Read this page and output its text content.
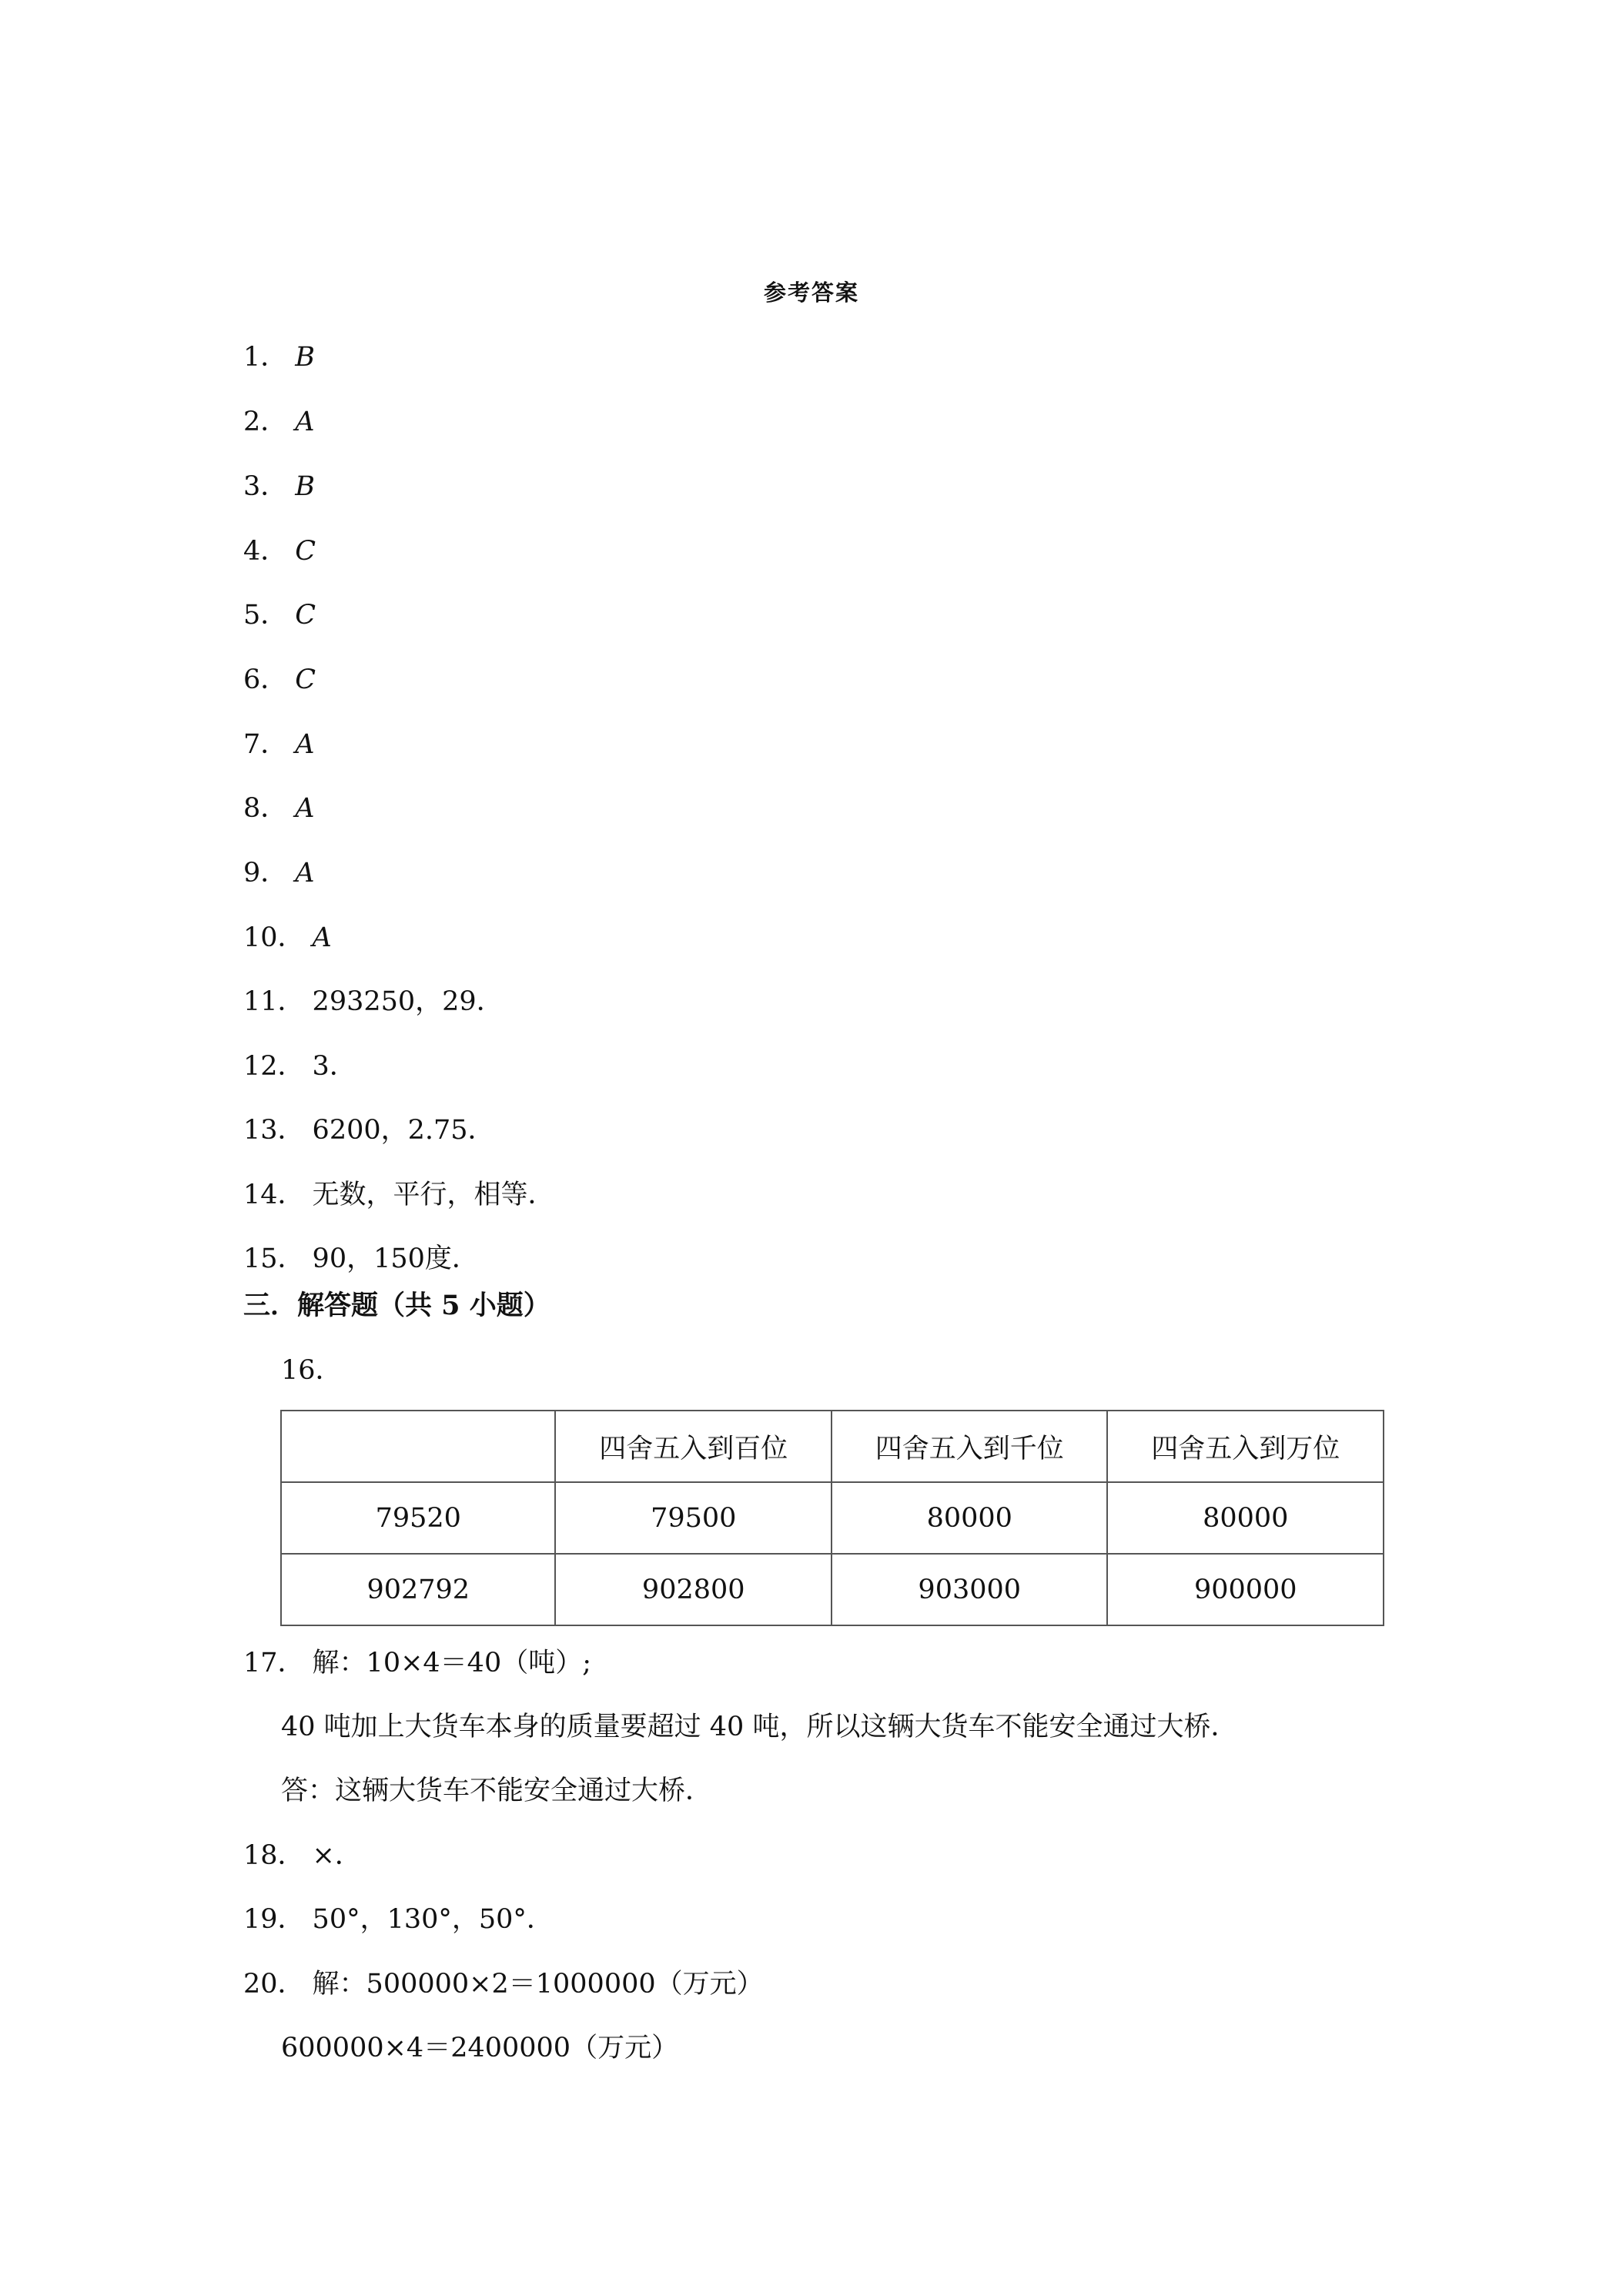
参考答案
1． B
2． A
3． B
4． C
5． C
6． C
7． A
8． A
9． A
10． A
11． 293250，29．
12． 3．
13． 6200，2.75．
14． 无数，平行，相等．
15． 90，150度．
三．解答题（共 5 小题）
16．
	四舍五入到百位	四舍五入到千位	四舍五入到万位
79520	79500	80000	80000
902792	902800	903000	900000
17． 解：10×4＝40（吨）;
40 吨加上大货车本身的质量要超过 40 吨，所以这辆大货车不能安全通过大桥．
答：这辆大货车不能安全通过大桥．
18． ×．
19． 50°，130°，50°．
20． 解：500000×2＝1000000（万元）
600000×4＝2400000（万元）
